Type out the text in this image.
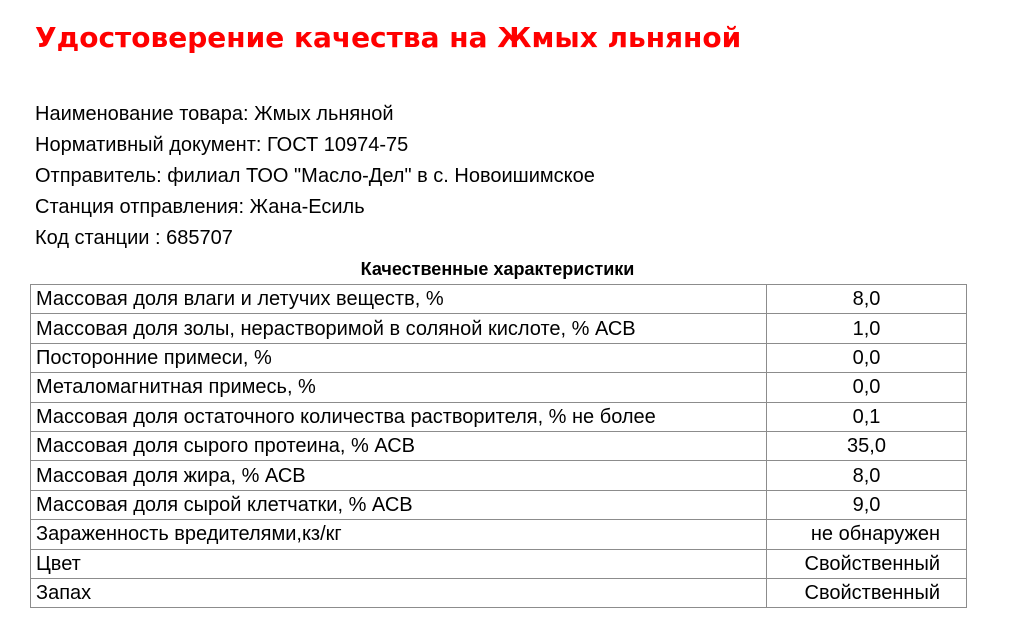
Удостоверение качества на Жмых льняной
Наименование товара: Жмых льняной
Нормативный документ: ГОСТ 10974-75
Отправитель: филиал ТОО "Масло-Дел" в с. Новоишимское
Станция отправления: Жана-Есиль
Код станции : 685707
Качественные характеристики
Массовая доля влаги и летучих веществ, %	8,0
Массовая доля золы, нерастворимой в соляной кислоте, % АСВ	1,0
Посторонние примеси, %	0,0
Металомагнитная примесь, %	0,0
Массовая доля остаточного количества растворителя, % не более	0,1
Массовая доля сырого протеина, % АСВ	35,0
Массовая доля жира, % АСВ	8,0
Массовая доля сырой клетчатки, % АСВ	9,0
Зараженность вредителями,кз/кг	не обнаружен
Цвет	Свойственный
Запах	Свойственный
